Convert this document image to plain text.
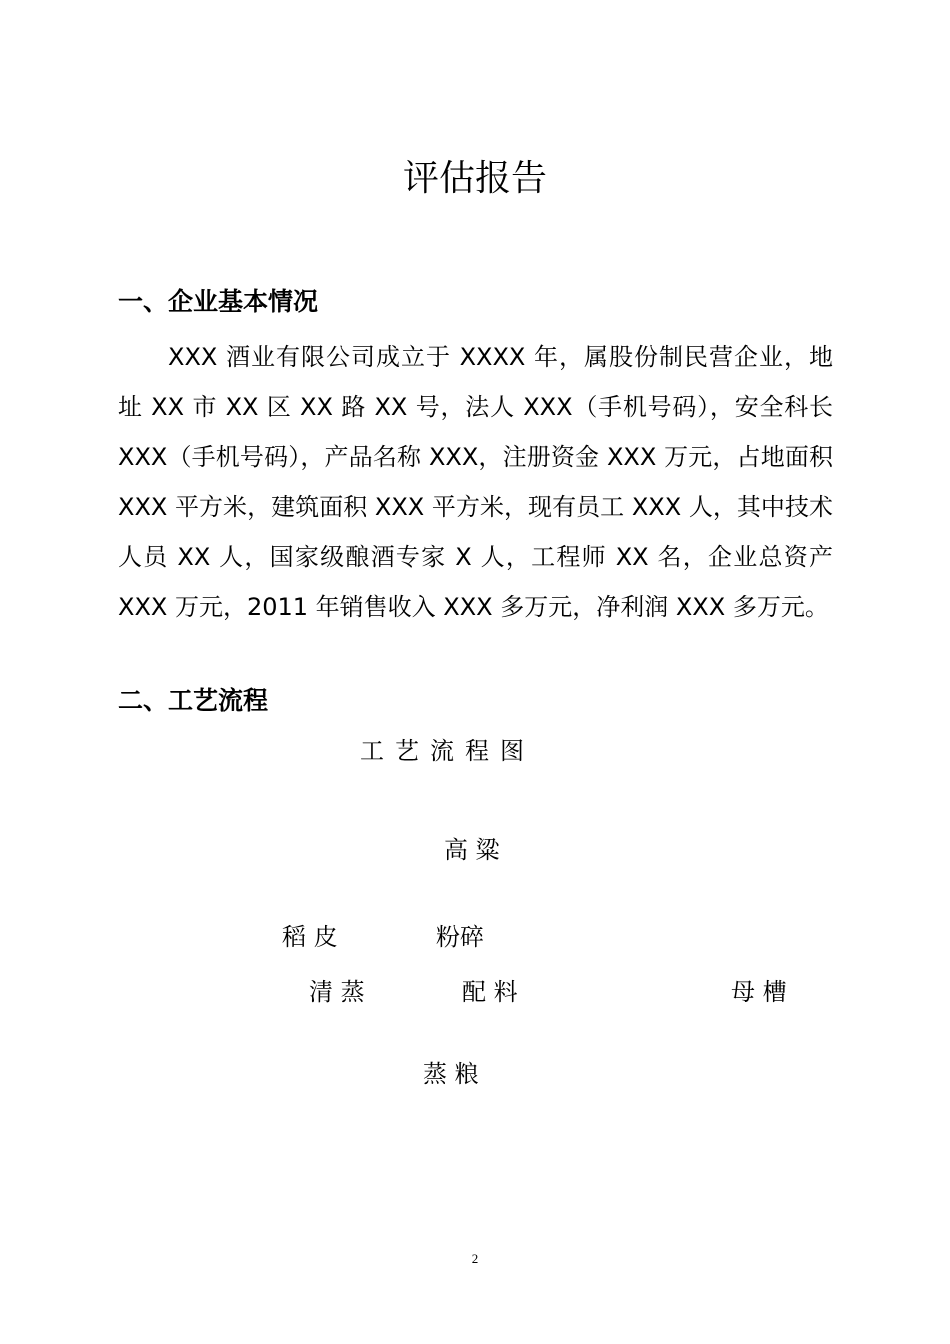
评估报告
一、企业基本情况

XXX 酒业有限公司成立于 XXXX 年，属股份制民营企业，地址 XX 市 XX 区 XX 路 XX 号，法人 XXX（手机号码），安全科长 XXX（手机号码），产品名称 XXX，注册资金 XXX 万元，占地面积 XXX 平方米，建筑面积 XXX 平方米，现有员工 XXX 人，其中技术人员 XX 人，国家级酿酒专家 X 人，工程师 XX 名，企业总资产 XXX 万元，2011 年销售收入 XXX 多万元，净利润 XXX 多万元。

二、工艺流程
工艺流程图
高 粱
稻 皮	粉碎
清 蒸	配 料	母 槽
蒸 粮
2
